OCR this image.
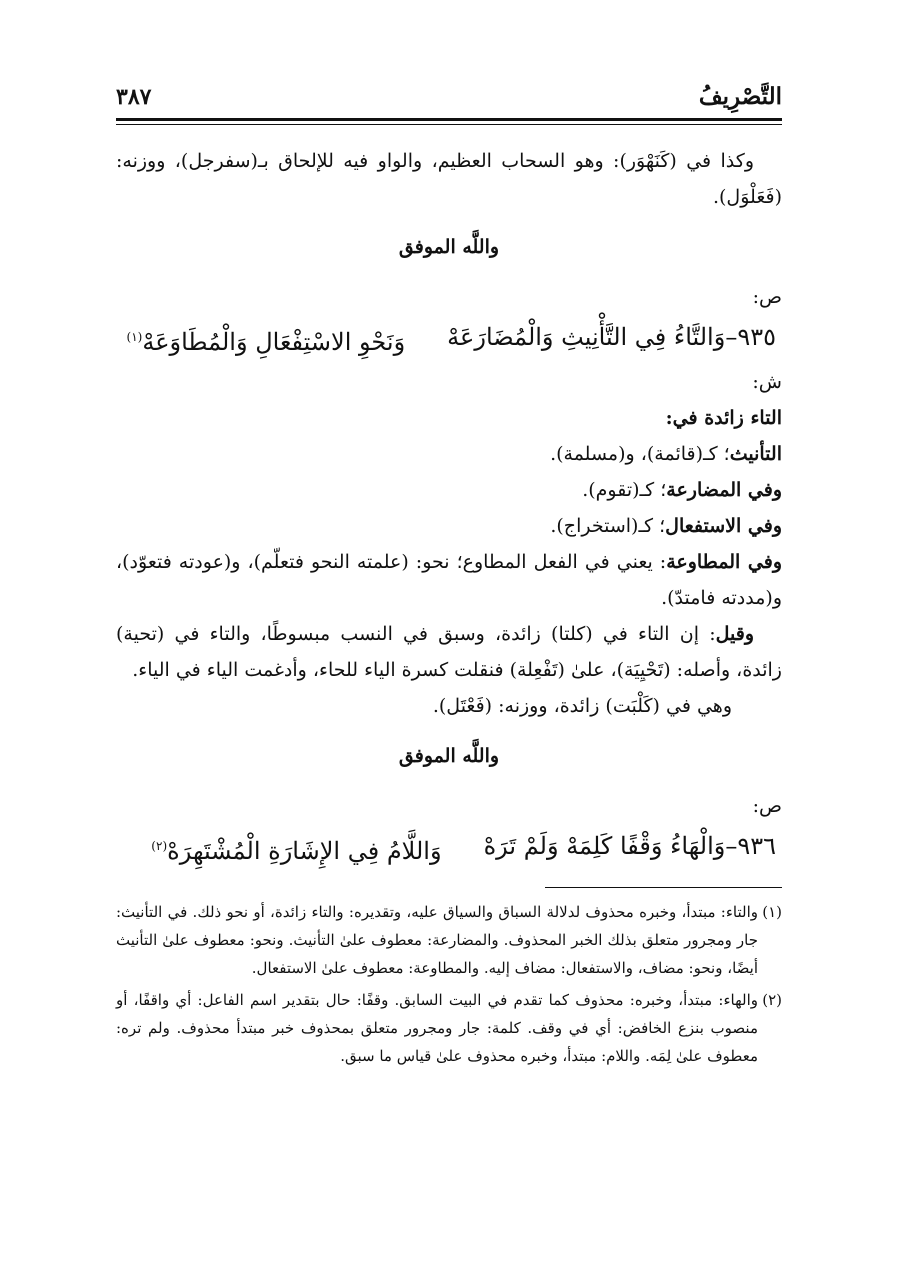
التَّصْرِيفُ
٣٨٧

وكذا في (كَنَهْوَر): وهو السحاب العظيم، والواو فيه للإلحاق بـ(سفرجل)، ووزنه: (فَعَلْوَل).

واللَّه الموفق

ص:

٩٣٥–وَالتَّاءُ فِي التَّأْنِيثِ وَالْمُضَارَعَهْ
وَنَحْوِ الاسْتِفْعَالِ وَالْمُطَاوَعَهْ$^{(١)}$

ش:

التاء زائدة في:

التأنيث؛ كـ(قائمة)، و(مسلمة).

وفي المضارعة؛ كـ(تقوم).

وفي الاستفعال؛ كـ(استخراج).

وفي المطاوعة: يعني في الفعل المطاوع؛ نحو: (علمته النحو فتعلّم)، و(عودته فتعوّد)، و(مددته فامتدّ).

وقيل: إن التاء في (كلتا) زائدة، وسبق في النسب مبسوطًا، والتاء في (تحية) زائدة، وأصله: (تَحْيِيَة)، علىٰ (تَفْعِلة) فنقلت كسرة الياء للحاء، وأدغمت الياء في الياء.

وهي في (كَلْبَت) زائدة، ووزنه: (فَعْتَل).

واللَّه الموفق

ص:

٩٣٦–وَالْهَاءُ وَقْفًا كَلِمَهْ وَلَمْ تَرَهْ
وَاللَّامُ فِي الإِشَارَةِ الْمُشْتَهِرَهْ$^{(٢)}$
(١)
والتاء: مبتدأ، وخبره محذوف لدلالة السباق والسياق عليه، وتقديره: والتاء زائدة، أو نحو ذلك. في التأنيث: جار ومجرور متعلق بذلك الخبر المحذوف. والمضارعة: معطوف علىٰ التأنيث. ونحو: معطوف علىٰ التأنيث أيضًا، ونحو: مضاف، والاستفعال: مضاف إليه. والمطاوعة: معطوف علىٰ الاستفعال.
(٢)
والهاء: مبتدأ، وخبره: محذوف كما تقدم في البيت السابق. وقفًا: حال بتقدير اسم الفاعل: أي واقفًا، أو منصوب بنزع الخافض: أي في وقف. كلمة: جار ومجرور متعلق بمحذوف خبر مبتدأ محذوف. ولم تره: معطوف علىٰ لِمَه. واللام: مبتدأ، وخبره محذوف علىٰ قياس ما سبق.
